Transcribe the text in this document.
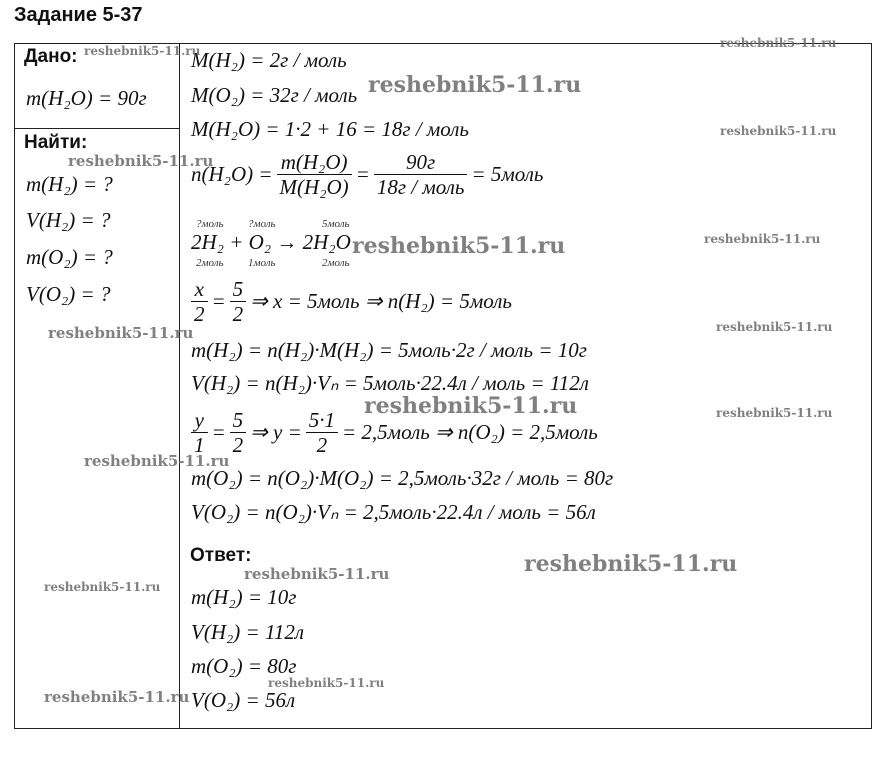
Задание 5-37
Дано:
m(H₂O) = 90г
Найти:
m(H₂) = ?
V(H₂) = ?
m(O₂) = ?
V(O₂) = ?
M(H₂) = 2г / моль
M(O₂) = 32г / моль
M(H₂O) = 1·2 + 16 = 18г / моль
$n(H_2O) = \frac{\text{m(H₂O)}}{\text{M(H₂O)}} = \frac{90г}{\text{18г / моль}}$ = 5моль
?моль ?моль	5моль
2H₂ + O₂ → 2H₂O
2моль 1моль	2моль
$\frac{x}{2} = \frac{5}{2}$ ⇒ x = 5моль ⇒ n(H₂) = 5моль
m(H₂) = n(H₂)·M(H₂) = 5моль·2г / моль = 10г
V(H₂) = n(H₂)·Vₙ = 5моль·22.4л / моль = 112л
$\frac{y}{1} = \frac{5}{2}$ ⇒ $y = \frac{5\cdot 1}{2}$ = 2,5моль ⇒ n(O₂) = 2,5моль
m(O₂) = n(O₂)·M(O₂) = 2,5моль·32г / моль = 80г
V(O₂) = n(O₂)·Vₙ = 2,5моль·22.4л / моль = 56л
Ответ:
m(H₂) = 10г
V(H₂) = 112л
m(O₂) = 80г
V(O₂) = 56л
reshebnik5-11.ru
reshebnik5-11.ru
reshebnik5-11.ru
reshebnik5-11.ru
reshebnik5-11.ru
reshebnik5-11.ru	reshebnik5-11.ru
reshebnik5-11.ru
reshebnik5-11.ru
reshebnik5-11.ru	reshebnik5-11.ru
reshebnik5-11.ru
reshebnik5-11.ru
reshebnik5-11.ru
reshebnik5-11.ru
reshebnik5-11.ru
reshebnik5-11.ru
